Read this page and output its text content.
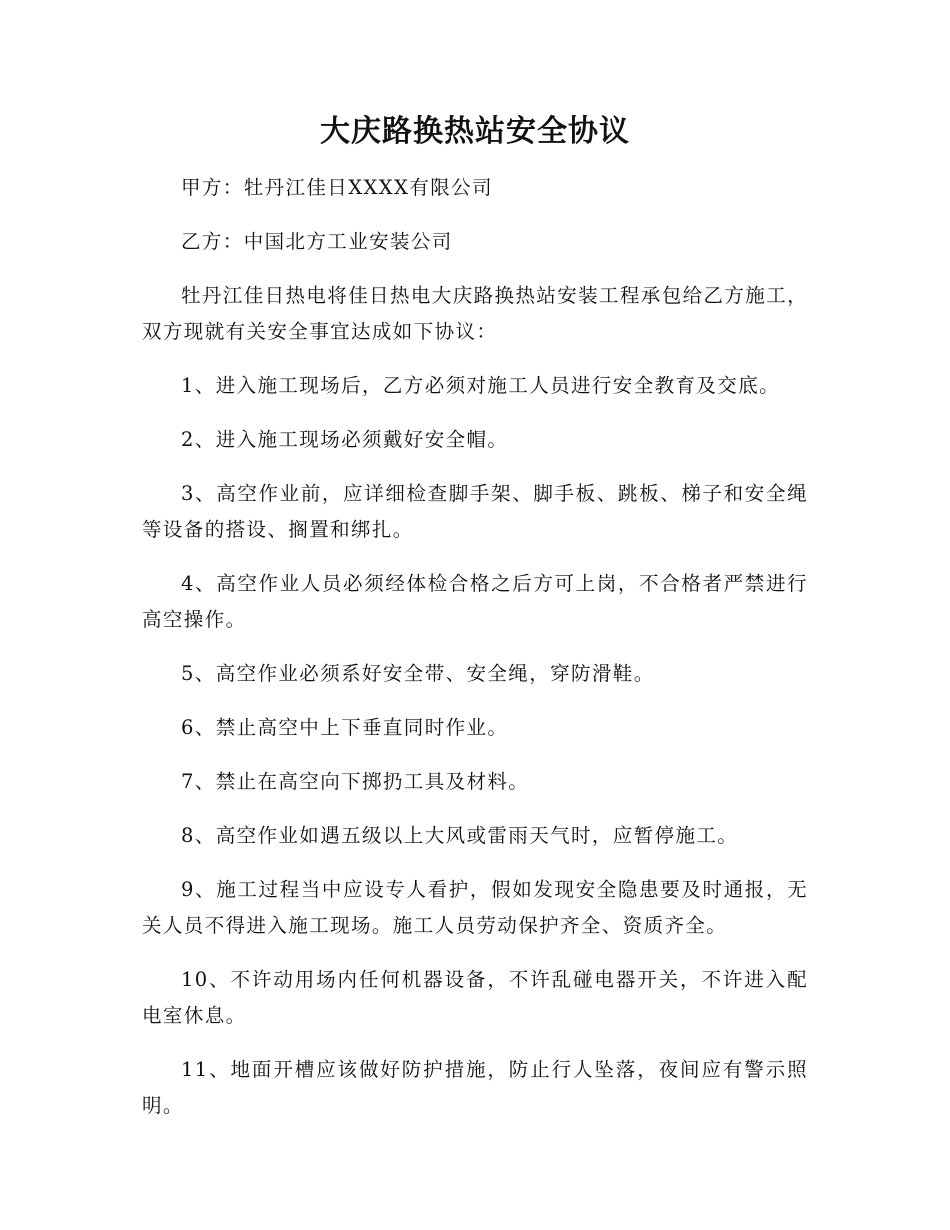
大庆路换热站安全协议

甲方：牡丹江佳日XXXX有限公司

乙方：中国北方工业安装公司

牡丹江佳日热电将佳日热电大庆路换热站安装工程承包给乙方施工，双方现就有关安全事宜达成如下协议：

1、进入施工现场后，乙方必须对施工人员进行安全教育及交底。

2、进入施工现场必须戴好安全帽。

3、高空作业前，应详细检查脚手架、脚手板、跳板、梯子和安全绳等设备的搭设、搁置和绑扎。

4、高空作业人员必须经体检合格之后方可上岗，不合格者严禁进行高空操作。

5、高空作业必须系好安全带、安全绳，穿防滑鞋。

6、禁止高空中上下垂直同时作业。

7、禁止在高空向下掷扔工具及材料。

8、高空作业如遇五级以上大风或雷雨天气时，应暂停施工。

9、施工过程当中应设专人看护，假如发现安全隐患要及时通报，无关人员不得进入施工现场。施工人员劳动保护齐全、资质齐全。

10、不许动用场内任何机器设备，不许乱碰电器开关，不许进入配电室休息。

11、地面开槽应该做好防护措施，防止行人坠落，夜间应有警示照明。
